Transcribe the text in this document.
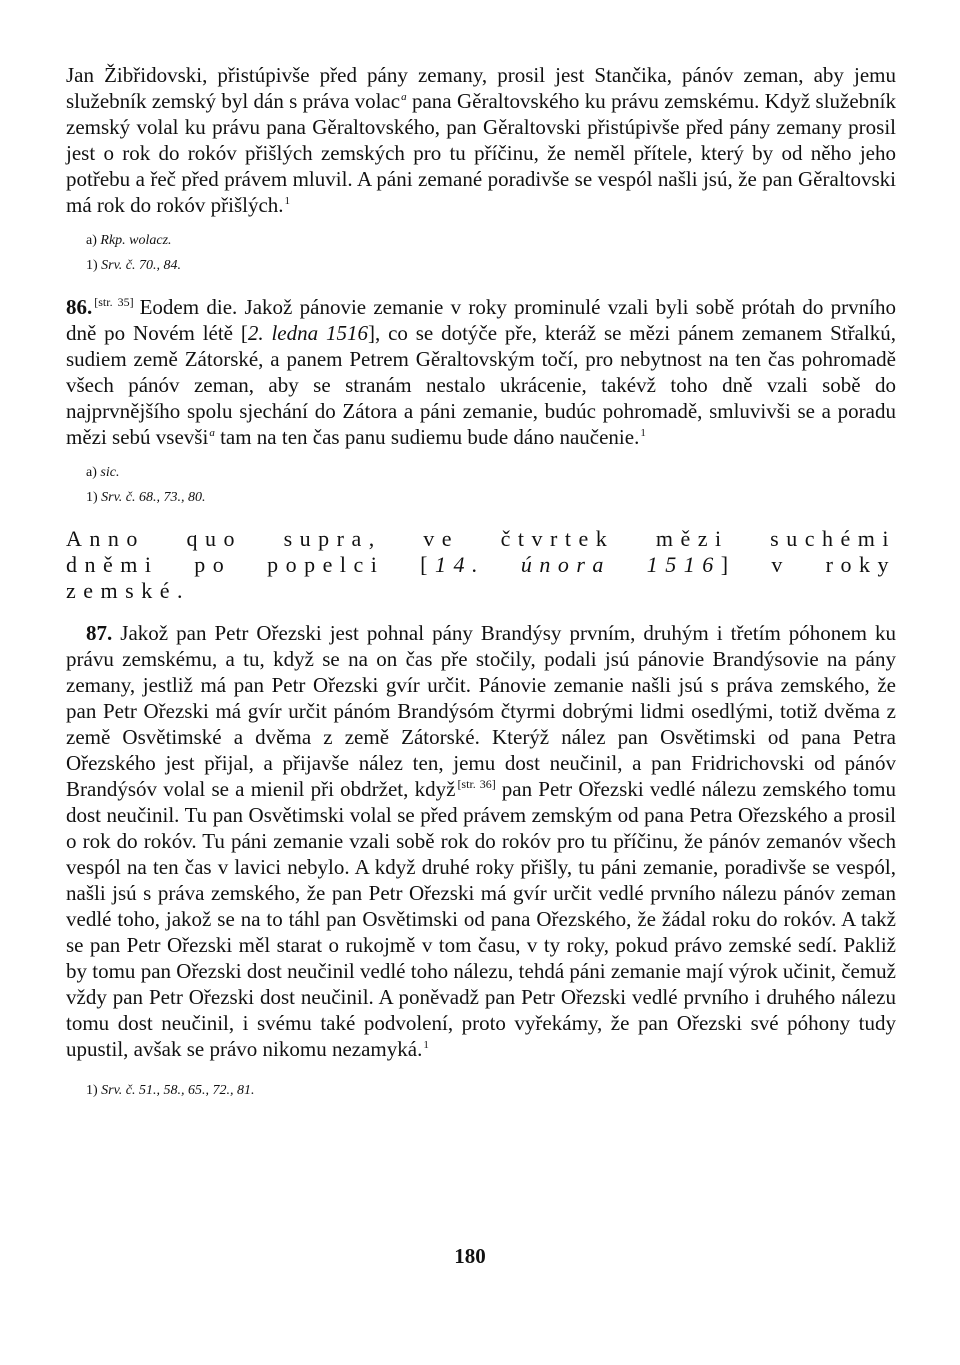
Jan Žibřidovski, přistúpivše před pány zemany, prosil jest Stančika, pánóv zeman, aby jemu služebník zemský byl dán s práva volac$^a$ pana Gěraltovského ku právu zemskému. Když služebník zemský volal ku právu pana Gěraltovského, pan Gěraltovski přistúpivše před pány zemany prosil jest o rok do rokóv přišlých zemských pro tu příčinu, že neměl přítele, který by od něho jeho potřebu a řeč před právem mluvil. A páni zemané poradivše se vespól našli jsú, že pan Gěraltovski má rok do rokóv přišlých.$^1$

a) Rkp. wolacz.

1) Srv. č. 70., 84.

86. [str. 35] Eodem die. Jakož pánovie zemanie v roky prominulé vzali byli sobě prótah do prvního dně po Novém létě [2. ledna 1516], co se dotýče pře, kteráž se mězi pánem zemanem Střalkú, sudiem země Zátorské, a panem Petrem Gěraltovským točí, pro nebytnost na ten čas pohromadě všech pánóv zeman, aby se stranám nestalo ukrácenie, takévž toho dně vzali sobě do najprvnějšího spolu sjechání do Zátora a páni zemanie, budúc pohromadě, smluvivši se a poradu mězi sebú vsevši$^a$ tam na ten čas panu sudiemu bude dáno naučenie.$^1$

a) sic.

1) Srv. č. 68., 73., 80.

Anno quo supra, ve čtvrtek mězi suchémi dněmi po popelci [14. února 1516] v roky zemské.

87. Jakož pan Petr Ořezski jest pohnal pány Brandýsy prvním, druhým i třetím póhonem ku právu zemskému, a tu, když se na on čas pře stočily, podali jsú pánovie Brandýsovie na pány zemany, jestliž má pan Petr Ořezski gvír určit. Pánovie zemanie našli jsú s práva zemského, že pan Petr Ořezski má gvír určit pánóm Brandýsóm čtyrmi dobrými lidmi osedlými, totiž dvěma z země Osvětimské a dvěma z země Zátorské. Kterýž nález pan Osvětimski od pana Petra Ořezského jest přijal, a přijavše nález ten, jemu dost neučinil, a pan Fridrichovski od pánóv Brandýsóv volal se a mienil při obdržet, když [str. 36] pan Petr Ořezski vedlé nálezu zemského tomu dost neučinil. Tu pan Osvětimski volal se před právem zemským od pana Petra Ořezského a prosil o rok do rokóv. Tu páni zemanie vzali sobě rok do rokóv pro tu příčinu, že pánóv zemanóv všech vespól na ten čas v lavici nebylo. A když druhé roky přišly, tu páni zemanie, poradivše se vespól, našli jsú s práva zemského, že pan Petr Ořezski má gvír určit vedlé prvního nálezu pánóv zeman vedlé toho, jakož se na to táhl pan Osvětimski od pana Ořezského, že žádal roku do rokóv. A takž se pan Petr Ořezski měl starat o rukojmě v tom času, v ty roky, pokud právo zemské sedí. Pakliž by tomu pan Ořezski dost neučinil vedlé toho nálezu, tehdá páni zemanie mají výrok učinit, čemuž vždy pan Petr Ořezski dost neučinil. A poněvadž pan Petr Ořezski vedlé prvního i druhého nálezu tomu dost neučinil, i svému také podvolení, proto vyřekámy, že pan Ořezski své póhony tudy upustil, avšak se právo nikomu nezamyká.$^1$

1) Srv. č. 51., 58., 65., 72., 81.

180
